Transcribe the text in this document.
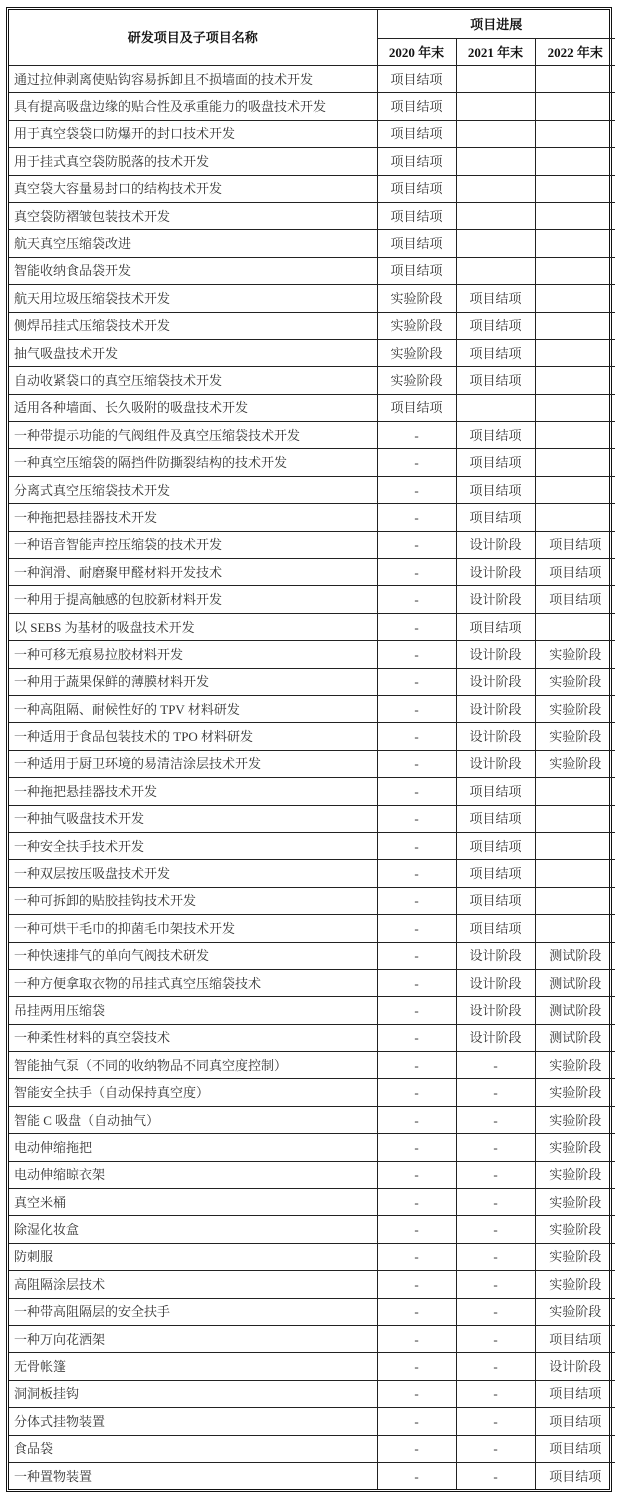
研发项目及子项目名称	项目进展		
	2020 年末	2021 年末	2022 年末
通过拉伸剥离使贴钩容易拆卸且不损墙面的技术开发	项目结项		
具有提高吸盘边缘的贴合性及承重能力的吸盘技术开发	项目结项		
用于真空袋袋口防爆开的封口技术开发	项目结项		
用于挂式真空袋防脱落的技术开发	项目结项		
真空袋大容量易封口的结构技术开发	项目结项		
真空袋防褶皱包装技术开发	项目结项		
航天真空压缩袋改进	项目结项		
智能收纳食品袋开发	项目结项		
航天用垃圾压缩袋技术开发	实验阶段	项目结项	
侧焊吊挂式压缩袋技术开发	实验阶段	项目结项	
抽气吸盘技术开发	实验阶段	项目结项	
自动收紧袋口的真空压缩袋技术开发	实验阶段	项目结项	
适用各种墙面、长久吸附的吸盘技术开发	项目结项		
一种带提示功能的气阀组件及真空压缩袋技术开发	-	项目结项	
一种真空压缩袋的隔挡件防撕裂结构的技术开发	-	项目结项	
分离式真空压缩袋技术开发	-	项目结项	
一种拖把悬挂器技术开发	-	项目结项	
一种语音智能声控压缩袋的技术开发	-	设计阶段	项目结项
一种润滑、耐磨聚甲醛材料开发技术	-	设计阶段	项目结项
一种用于提高触感的包胶新材料开发	-	设计阶段	项目结项
以 SEBS 为基材的吸盘技术开发	-	项目结项	
一种可移无痕易拉胶材料开发	-	设计阶段	实验阶段
一种用于蔬果保鲜的薄膜材料开发	-	设计阶段	实验阶段
一种高阻隔、耐候性好的 TPV 材料研发	-	设计阶段	实验阶段
一种适用于食品包装技术的 TPO 材料研发	-	设计阶段	实验阶段
一种适用于厨卫环境的易清洁涂层技术开发	-	设计阶段	实验阶段
一种拖把悬挂器技术开发	-	项目结项	
一种抽气吸盘技术开发	-	项目结项	
一种安全扶手技术开发	-	项目结项	
一种双层按压吸盘技术开发	-	项目结项	
一种可拆卸的贴胶挂钩技术开发	-	项目结项	
一种可烘干毛巾的抑菌毛巾架技术开发	-	项目结项	
一种快速排气的单向气阀技术研发	-	设计阶段	测试阶段
一种方便拿取衣物的吊挂式真空压缩袋技术	-	设计阶段	测试阶段
吊挂两用压缩袋	-	设计阶段	测试阶段
一种柔性材料的真空袋技术	-	设计阶段	测试阶段
智能抽气泵（不同的收纳物品不同真空度控制）	-	-	实验阶段
智能安全扶手（自动保持真空度）	-	-	实验阶段
智能 C 吸盘（自动抽气）	-	-	实验阶段
电动伸缩拖把	-	-	实验阶段
电动伸缩晾衣架	-	-	实验阶段
真空米桶	-	-	实验阶段
除湿化妆盒	-	-	实验阶段
防刺服	-	-	实验阶段
高阻隔涂层技术	-	-	实验阶段
一种带高阻隔层的安全扶手	-	-	实验阶段
一种万向花洒架	-	-	项目结项
无骨帐篷	-	-	设计阶段
洞洞板挂钩	-	-	项目结项
分体式挂物装置	-	-	项目结项
食品袋	-	-	项目结项
一种置物装置	-	-	项目结项
